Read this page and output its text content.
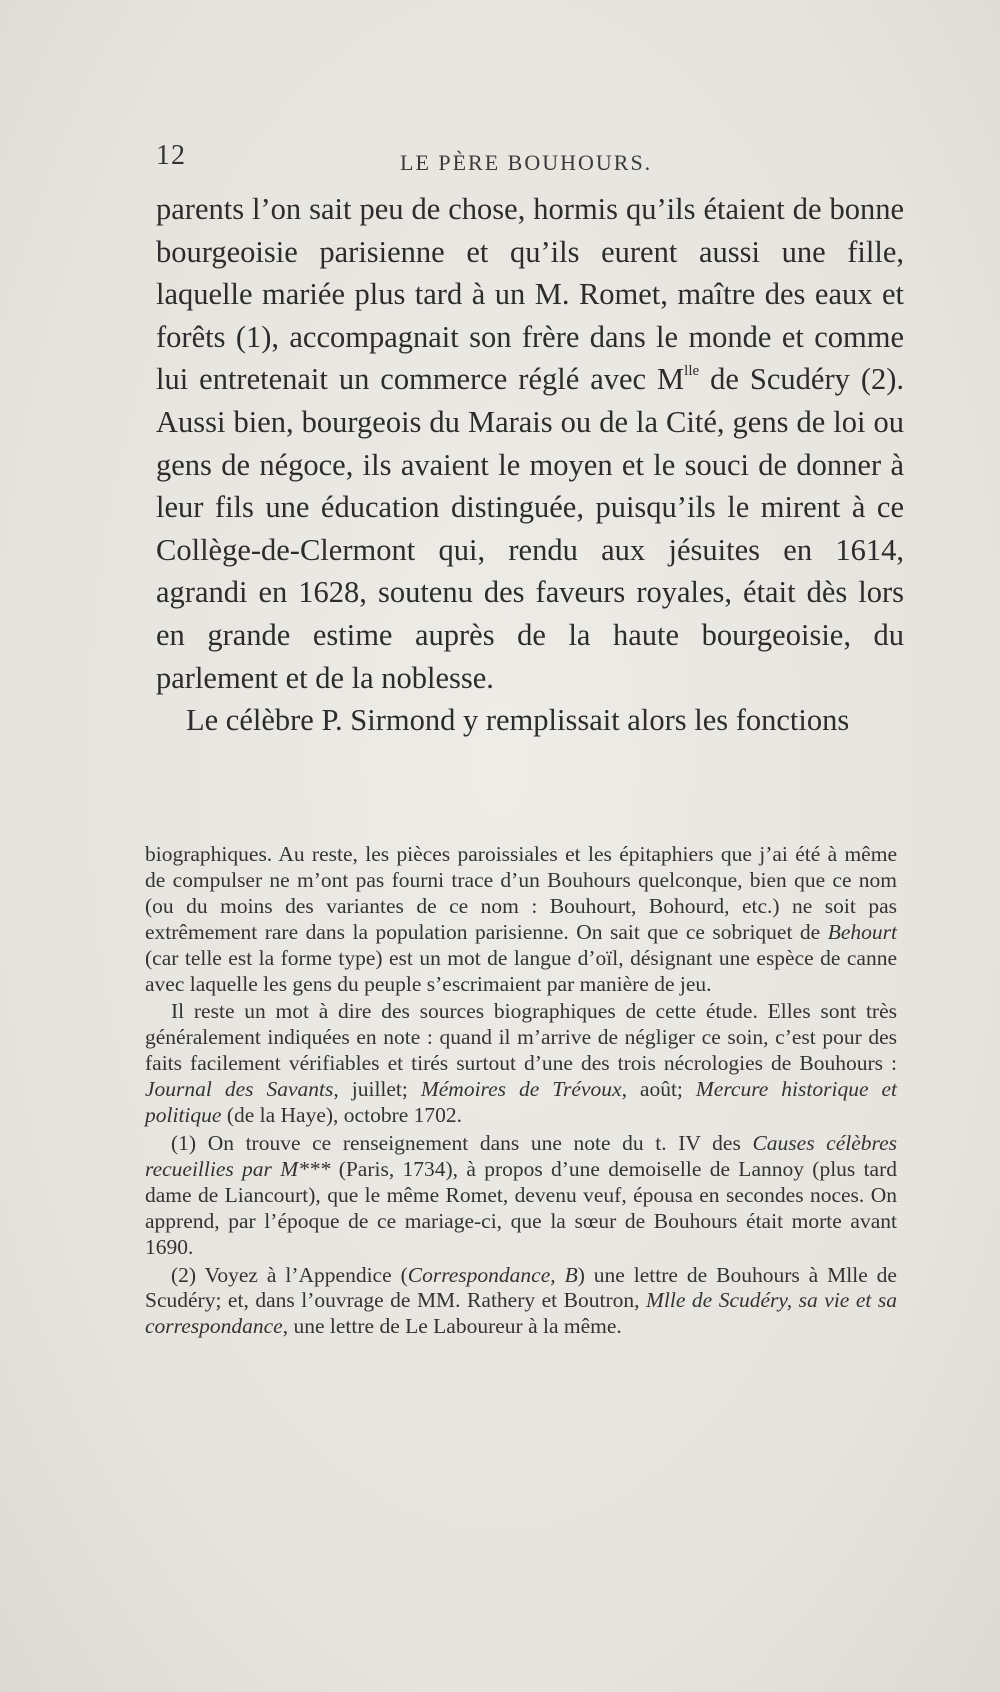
12	LE PÈRE BOUHOURS.

parents l’on sait peu de chose, hormis qu’ils étaient de bonne bourgeoisie parisienne et qu’ils eurent aussi une fille, laquelle mariée plus tard à un M. Romet, maître des eaux et forêts (1), accompagnait son frère dans le monde et comme lui entretenait un commerce réglé avec $M^{lle}$ de Scudéry (2). Aussi bien, bourgeois du Marais ou de la Cité, gens de loi ou gens de négoce, ils avaient le moyen et le souci de donner à leur fils une éducation distinguée, puisqu’ils le mirent à ce Collège-de-Clermont qui, rendu aux jésuites en 1614, agrandi en 1628, soutenu des faveurs royales, était dès lors en grande estime auprès de la haute bourgeoisie, du parlement et de la noblesse.

Le célèbre P. Sirmond y remplissait alors les fonctions

biographiques. Au reste, les pièces paroissiales et les épitaphiers que j’ai été à même de compulser ne m’ont pas fourni trace d’un Bouhours quelconque, bien que ce nom (ou du moins des variantes de ce nom : Bouhourt, Bohourd, etc.) ne soit pas extrêmement rare dans la population parisienne. On sait que ce sobriquet de Behourt (car telle est la forme type) est un mot de langue d’oïl, désignant une espèce de canne avec laquelle les gens du peuple s’escrimaient par manière de jeu.

Il reste un mot à dire des sources biographiques de cette étude. Elles sont très généralement indiquées en note : quand il m’arrive de négliger ce soin, c’est pour des faits facilement vérifiables et tirés surtout d’une des trois nécrologies de Bouhours : Journal des Savants, juillet; Mémoires de Trévoux, août; Mercure historique et politique (de la Haye), octobre 1702.

(1) On trouve ce renseignement dans une note du t. IV des Causes célèbres recueillies par M*** (Paris, 1734), à propos d’une demoiselle de Lannoy (plus tard dame de Liancourt), que le même Romet, devenu veuf, épousa en secondes noces. On apprend, par l’époque de ce mariage-ci, que la sœur de Bouhours était morte avant 1690.

(2) Voyez à l’Appendice (Correspondance, B) une lettre de Bouhours à Mlle de Scudéry; et, dans l’ouvrage de MM. Rathery et Boutron, Mlle de Scudéry, sa vie et sa correspondance, une lettre de Le Laboureur à la même.
